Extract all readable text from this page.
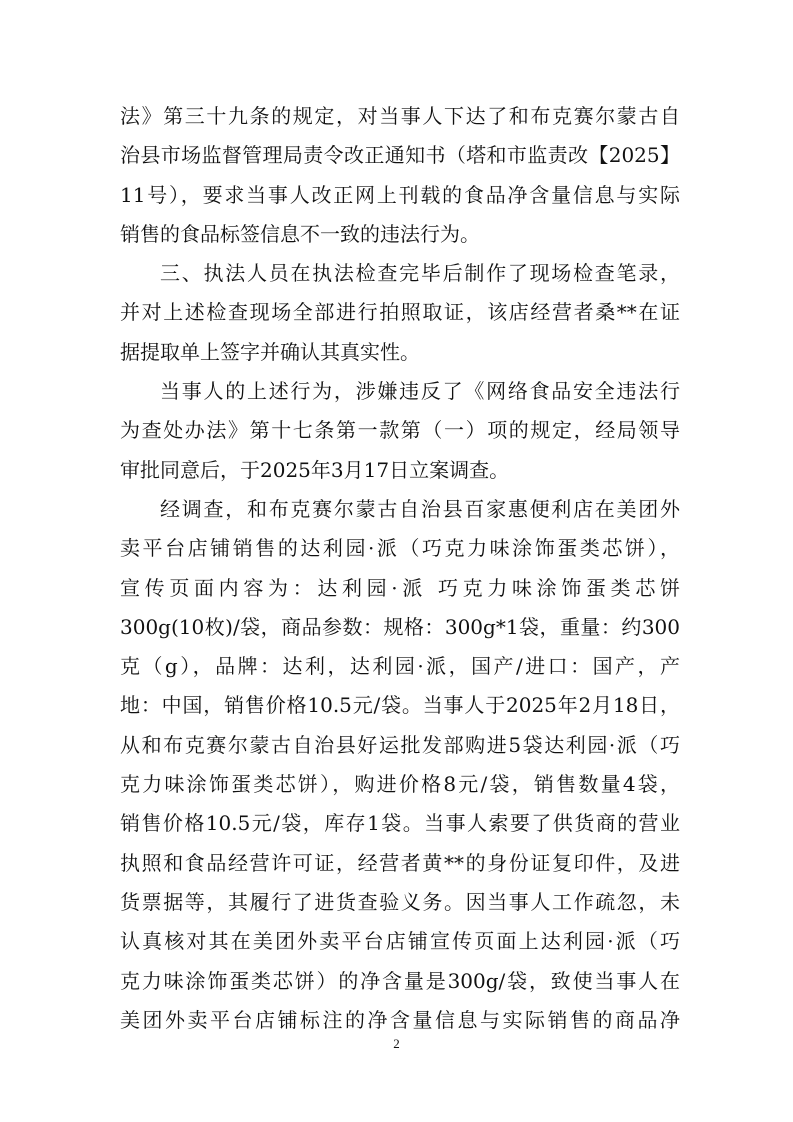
法》第三十九条的规定，对当事人下达了和布克赛尔蒙古自
治县市场监督管理局责令改正通知书（塔和市监责改【2025】
11号），要求当事人改正网上刊载的食品净含量信息与实际
销售的食品标签信息不一致的违法行为。
三、执法人员在执法检查完毕后制作了现场检查笔录，
并对上述检查现场全部进行拍照取证，该店经营者桑**在证
据提取单上签字并确认其真实性。
当事人的上述行为，涉嫌违反了《网络食品安全违法行
为查处办法》第十七条第一款第（一）项的规定，经局领导
审批同意后，于2025年3月17日立案调查。
经调查，和布克赛尔蒙古自治县百家惠便利店在美团外
卖平台店铺销售的达利园·派（巧克力味涂饰蛋类芯饼），
宣传页面内容为：达利园·派 巧克力味涂饰蛋类芯饼
300g(10枚)/袋，商品参数：规格：300g*1袋，重量：约300
克（g），品牌：达利，达利园·派，国产/进口：国产，产
地：中国，销售价格10.5元/袋。当事人于2025年2月18日，
从和布克赛尔蒙古自治县好运批发部购进5袋达利园·派（巧
克力味涂饰蛋类芯饼），购进价格8元/袋，销售数量4袋，
销售价格10.5元/袋，库存1袋。当事人索要了供货商的营业
执照和食品经营许可证，经营者黄**的身份证复印件，及进
货票据等，其履行了进货查验义务。因当事人工作疏忽，未
认真核对其在美团外卖平台店铺宣传页面上达利园·派（巧
克力味涂饰蛋类芯饼）的净含量是300g/袋，致使当事人在
美团外卖平台店铺标注的净含量信息与实际销售的商品净
2
